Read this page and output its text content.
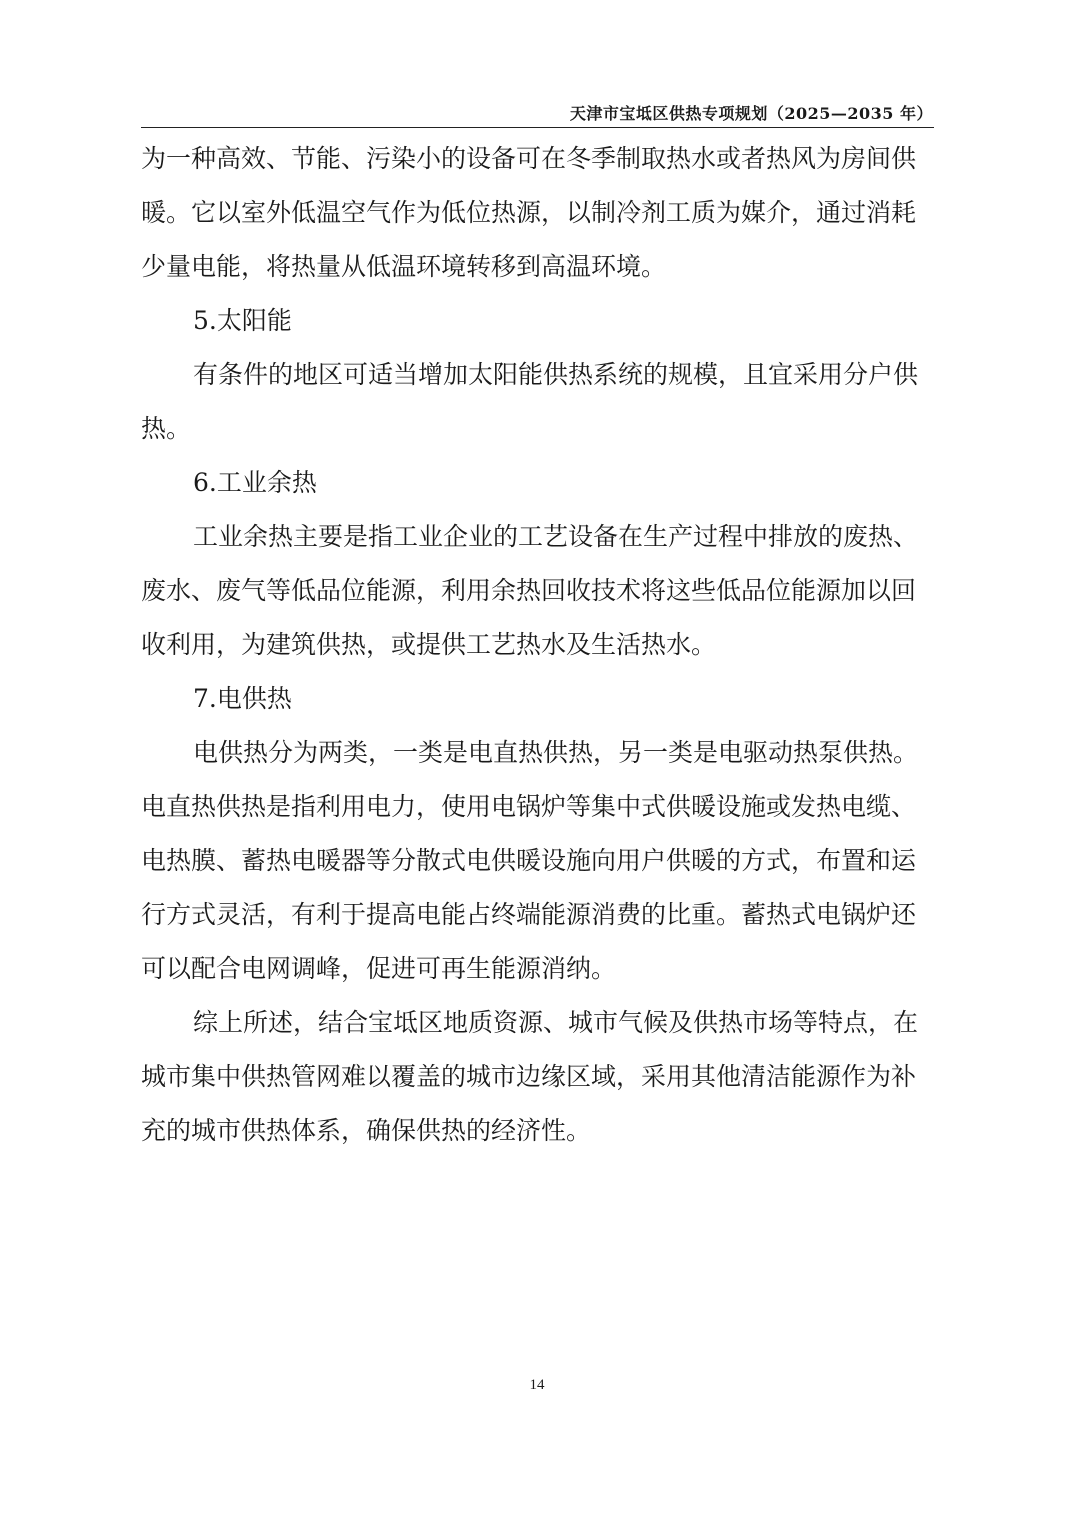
天津市宝坻区供热专项规划（2025—2035 年）
为一种高效、节能、污染小的设备可在冬季制取热水或者热风为房间供
暖。它以室外低温空气作为低位热源，以制冷剂工质为媒介，通过消耗
少量电能，将热量从低温环境转移到高温环境。
5.太阳能
有条件的地区可适当增加太阳能供热系统的规模，且宜采用分户供
热。
6.工业余热
工业余热主要是指工业企业的工艺设备在生产过程中排放的废热、
废水、废气等低品位能源，利用余热回收技术将这些低品位能源加以回
收利用，为建筑供热，或提供工艺热水及生活热水。
7.电供热
电供热分为两类，一类是电直热供热，另一类是电驱动热泵供热。
电直热供热是指利用电力，使用电锅炉等集中式供暖设施或发热电缆、
电热膜、蓄热电暖器等分散式电供暖设施向用户供暖的方式，布置和运
行方式灵活，有利于提高电能占终端能源消费的比重。蓄热式电锅炉还
可以配合电网调峰，促进可再生能源消纳。
综上所述，结合宝坻区地质资源、城市气候及供热市场等特点，在
城市集中供热管网难以覆盖的城市边缘区域，采用其他清洁能源作为补
充的城市供热体系，确保供热的经济性。
14
